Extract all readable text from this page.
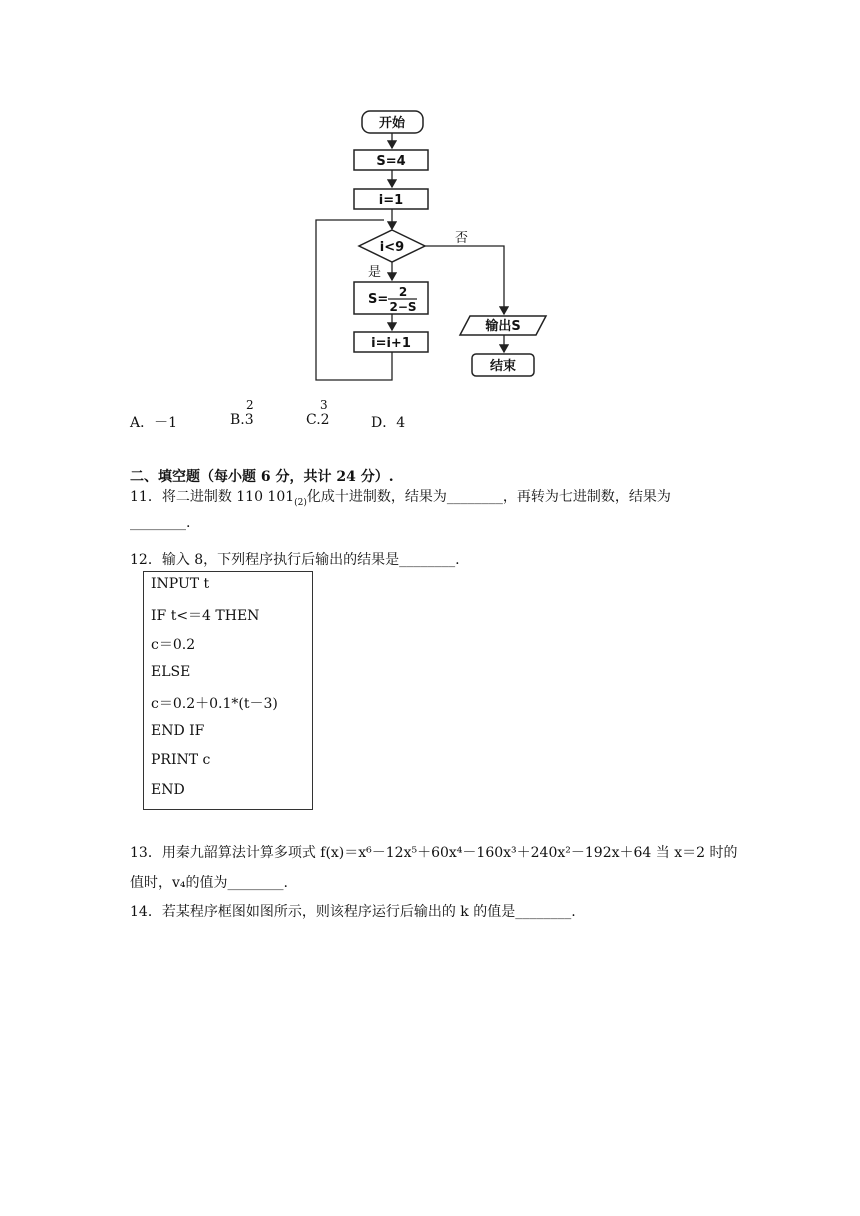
开始
S=4
i=1
i<9
否
是
S= 2
2−S
i=i+1
输出S
结束
A．－1	B.3
2
C.2
3
D．4
二、填空题（每小题 6 分，共计 24 分）.
11．将二进制数 110 $101_{(2)}$化成十进制数，结果为________，再转为七进制数，结果为
________.
12．输入 8，下列程序执行后输出的结果是________.
INPUT t
IF t<＝4 THEN
c＝0.2
ELSE
c＝0.2＋0.1*(t－3)
END IF
PRINT c
END
13．用秦九韶算法计算多项式 f(x)＝x⁶－12x⁵＋60x⁴－160x³＋240x²－192x＋64 当 x＝2 时的
值时，v₄的值为________.
14．若某程序框图如图所示，则该程序运行后输出的 k 的值是________.
